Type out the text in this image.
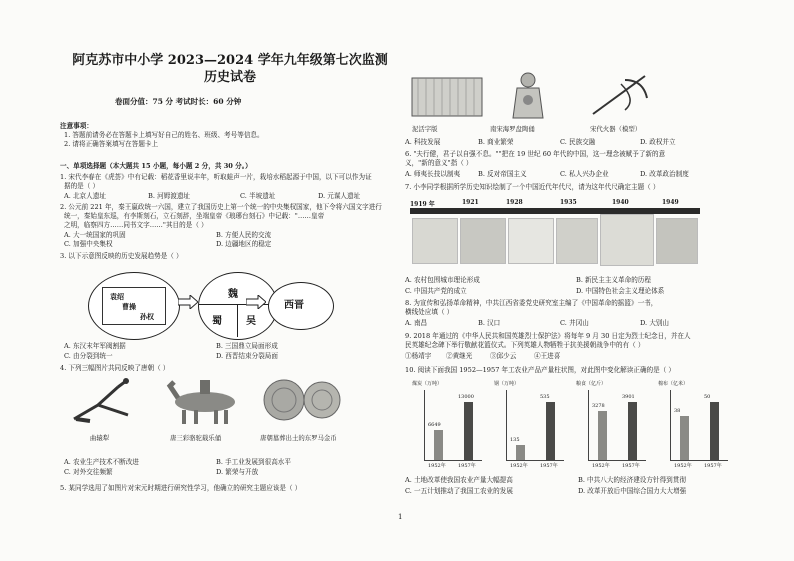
阿克苏市中小学 2023—2024 学年九年级第七次监测
历史试卷
卷面分值：75 分 考试时长：60 分钟
注意事项：
1. 答题前请务必在答题卡上填写好自己的姓名、班级、考号等信息。
2. 请将正确答案填写在答题卡上
一、单项选择题（本大题共 15 小题，每小题 2 分，共 30 分。）
1. 宋代李春在《虎荟》中有记载：稻花香里说丰年，听取蛙声一片，栽培水稻起源于中国，以下可以作为证
据的是（ ）
A. 北京人遗址	B. 河姆渡遗址	C. 半坡遗址	D. 元谋人遗址
2. 公元前 221 年，秦王嬴政统一六国，建立了我国历史上第一个统一的中央集权国家，他下令将六国文字进行
统一，秦始皇东巡，有李斯刻石，立石刻辞，坐端皇帝《琅琊台刻石》中记载："……皇帝
之明，临察四方……同书文字……"其目的是（ ）
A. 大一统国家的巩固	B. 方便人民的交流
C. 加强中央集权	D. 边疆地区的稳定
3. 以下示意图反映的历史发展趋势是（ ）
袁绍
曹操
孙权
魏
蜀 吴
西晋
A. 东汉末年军阀割据	B. 三国鼎立局面形成
C. 由分裂到统一	D. 西晋结束分裂局面
4. 下列三幅图片共同反映了唐朝（ ）
曲辕犁	唐三彩骆驼载乐俑	唐朝墓葬出土的东罗马金币
A. 农业生产技术不断改进	B. 手工业发展到很高水平
C. 对外交往频繁	D. 繁荣与开放
5. 某同学选用了如图片对宋元时期进行研究性学习，他确立的研究主题应该是（ ）
泥活字版	南宋海罗盘陶俑	宋代火器（模型）
A. 科技发展	B. 商业繁荣	C. 民族交融	D. 政权并立
6. "夫行健，君子以自强不息。""把在 19 世纪 60 年代的中国，这一理念被赋予了新的意
义，"新的意义"指（ ）
A. 师夷长技以制夷	B. 反对帝国主义	C. 私人兴办企业	D. 改革政治制度
7. 小李同学根据所学历史知识绘制了一个中国近代年代尺，请为这年代尺确定主题（ ）
1919 年	1921	1928	1935	1940	1949
A. 农村包围城市理论形成	B. 新民主主义革命的历程
C. 中国共产党的成立	D. 中国特色社会主义理论体系
8. 为宣传和弘扬革命精神，中共江西省委党史研究室主编了《中国革命的摇篮》一书，
横线处应填（ ）
A. 南昌	B. 汉口	C. 井冈山	D. 大别山
9. 2018 年通过的《中华人民共和国英雄烈士保护法》将每年 9 月 30 日定为烈士纪念日，并在人
民英雄纪念碑下举行敬献花篮仪式。下列英雄人物牺牲于抗美援朝战争中的有（ ）
①杨靖宇 ②黄继光	③邱少云	④王进喜
10. 阅读下面我国 1952—1957 年工农业产品产量柱状图，对此图中变化解读正确的是（ ）
煤炭（万吨）
6649
1952年
13000
1957年
钢（万吨）
135
1952年
535
1957年
粮食（亿斤）
3278
1952年
3901
1957年
棉布（亿米）
38
1952年
50
1957年
A. 土地改革使我国农业产量大幅提高	B. 中共八大的经济建设方针得到贯彻
C. 一五计划推动了我国工农业的发展	D. 改革开放后中国综合国力大大增强
1
